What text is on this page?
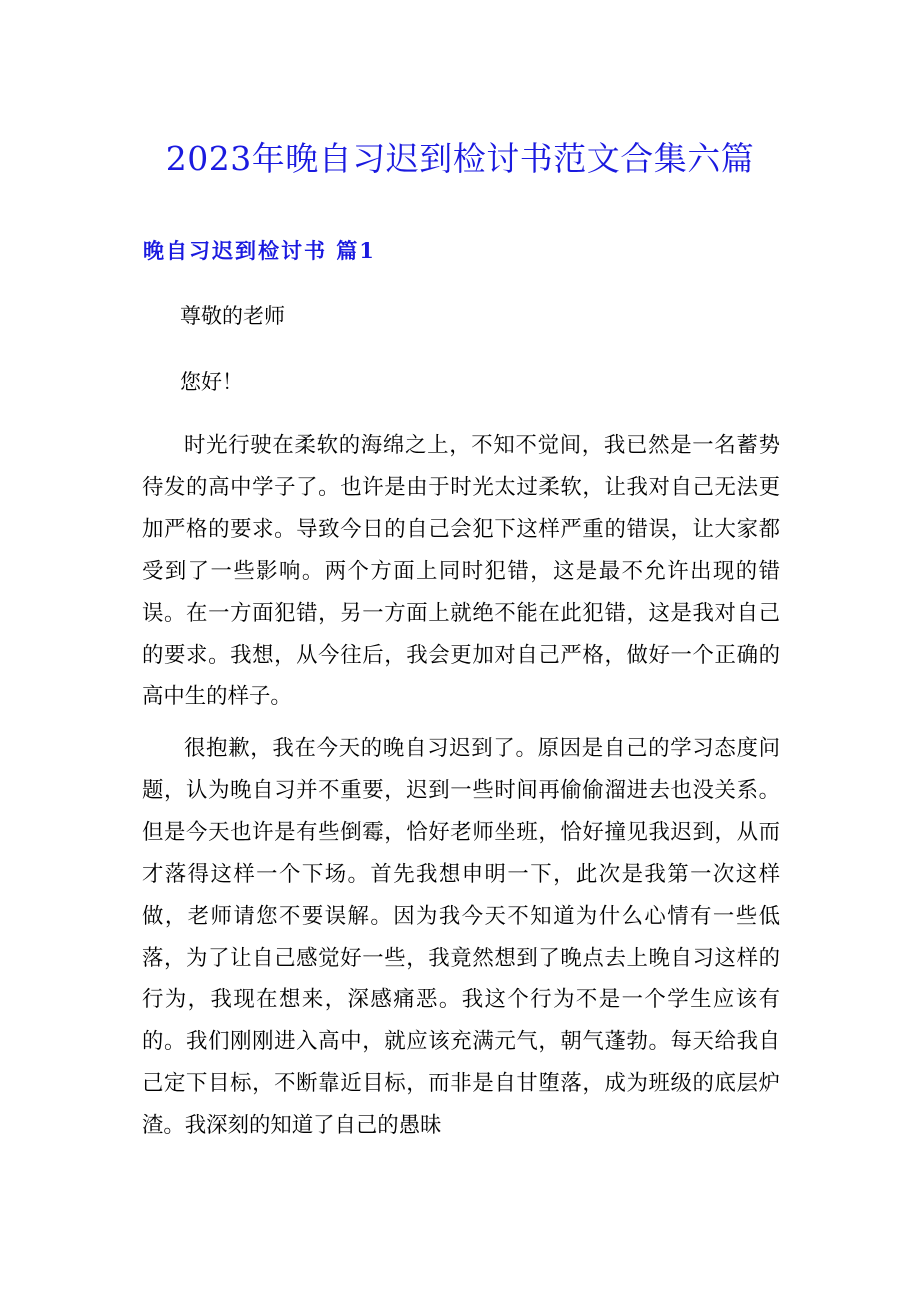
2023年晚自习迟到检讨书范文合集六篇
晚自习迟到检讨书 篇1
尊敬的老师
您好！

时光行驶在柔软的海绵之上，不知不觉间，我已然是一名蓄势待发的高中学子了。也许是由于时光太过柔软，让我对自己无法更加严格的要求。导致今日的自己会犯下这样严重的错误，让大家都受到了一些影响。两个方面上同时犯错，这是最不允许出现的错误。在一方面犯错，另一方面上就绝不能在此犯错，这是我对自己的要求。我想，从今往后，我会更加对自己严格，做好一个正确的高中生的样子。

很抱歉，我在今天的晚自习迟到了。原因是自己的学习态度问题，认为晚自习并不重要，迟到一些时间再偷偷溜进去也没关系。但是今天也许是有些倒霉，恰好老师坐班，恰好撞见我迟到，从而才落得这样一个下场。首先我想申明一下，此次是我第一次这样做，老师请您不要误解。因为我今天不知道为什么心情有一些低落，为了让自己感觉好一些，我竟然想到了晚点去上晚自习这样的行为，我现在想来，深感痛恶。我这个行为不是一个学生应该有的。我们刚刚进入高中，就应该充满元气，朝气蓬勃。每天给我自己定下目标，不断靠近目标，而非是自甘堕落，成为班级的底层炉渣。我深刻的知道了自己的愚昧
